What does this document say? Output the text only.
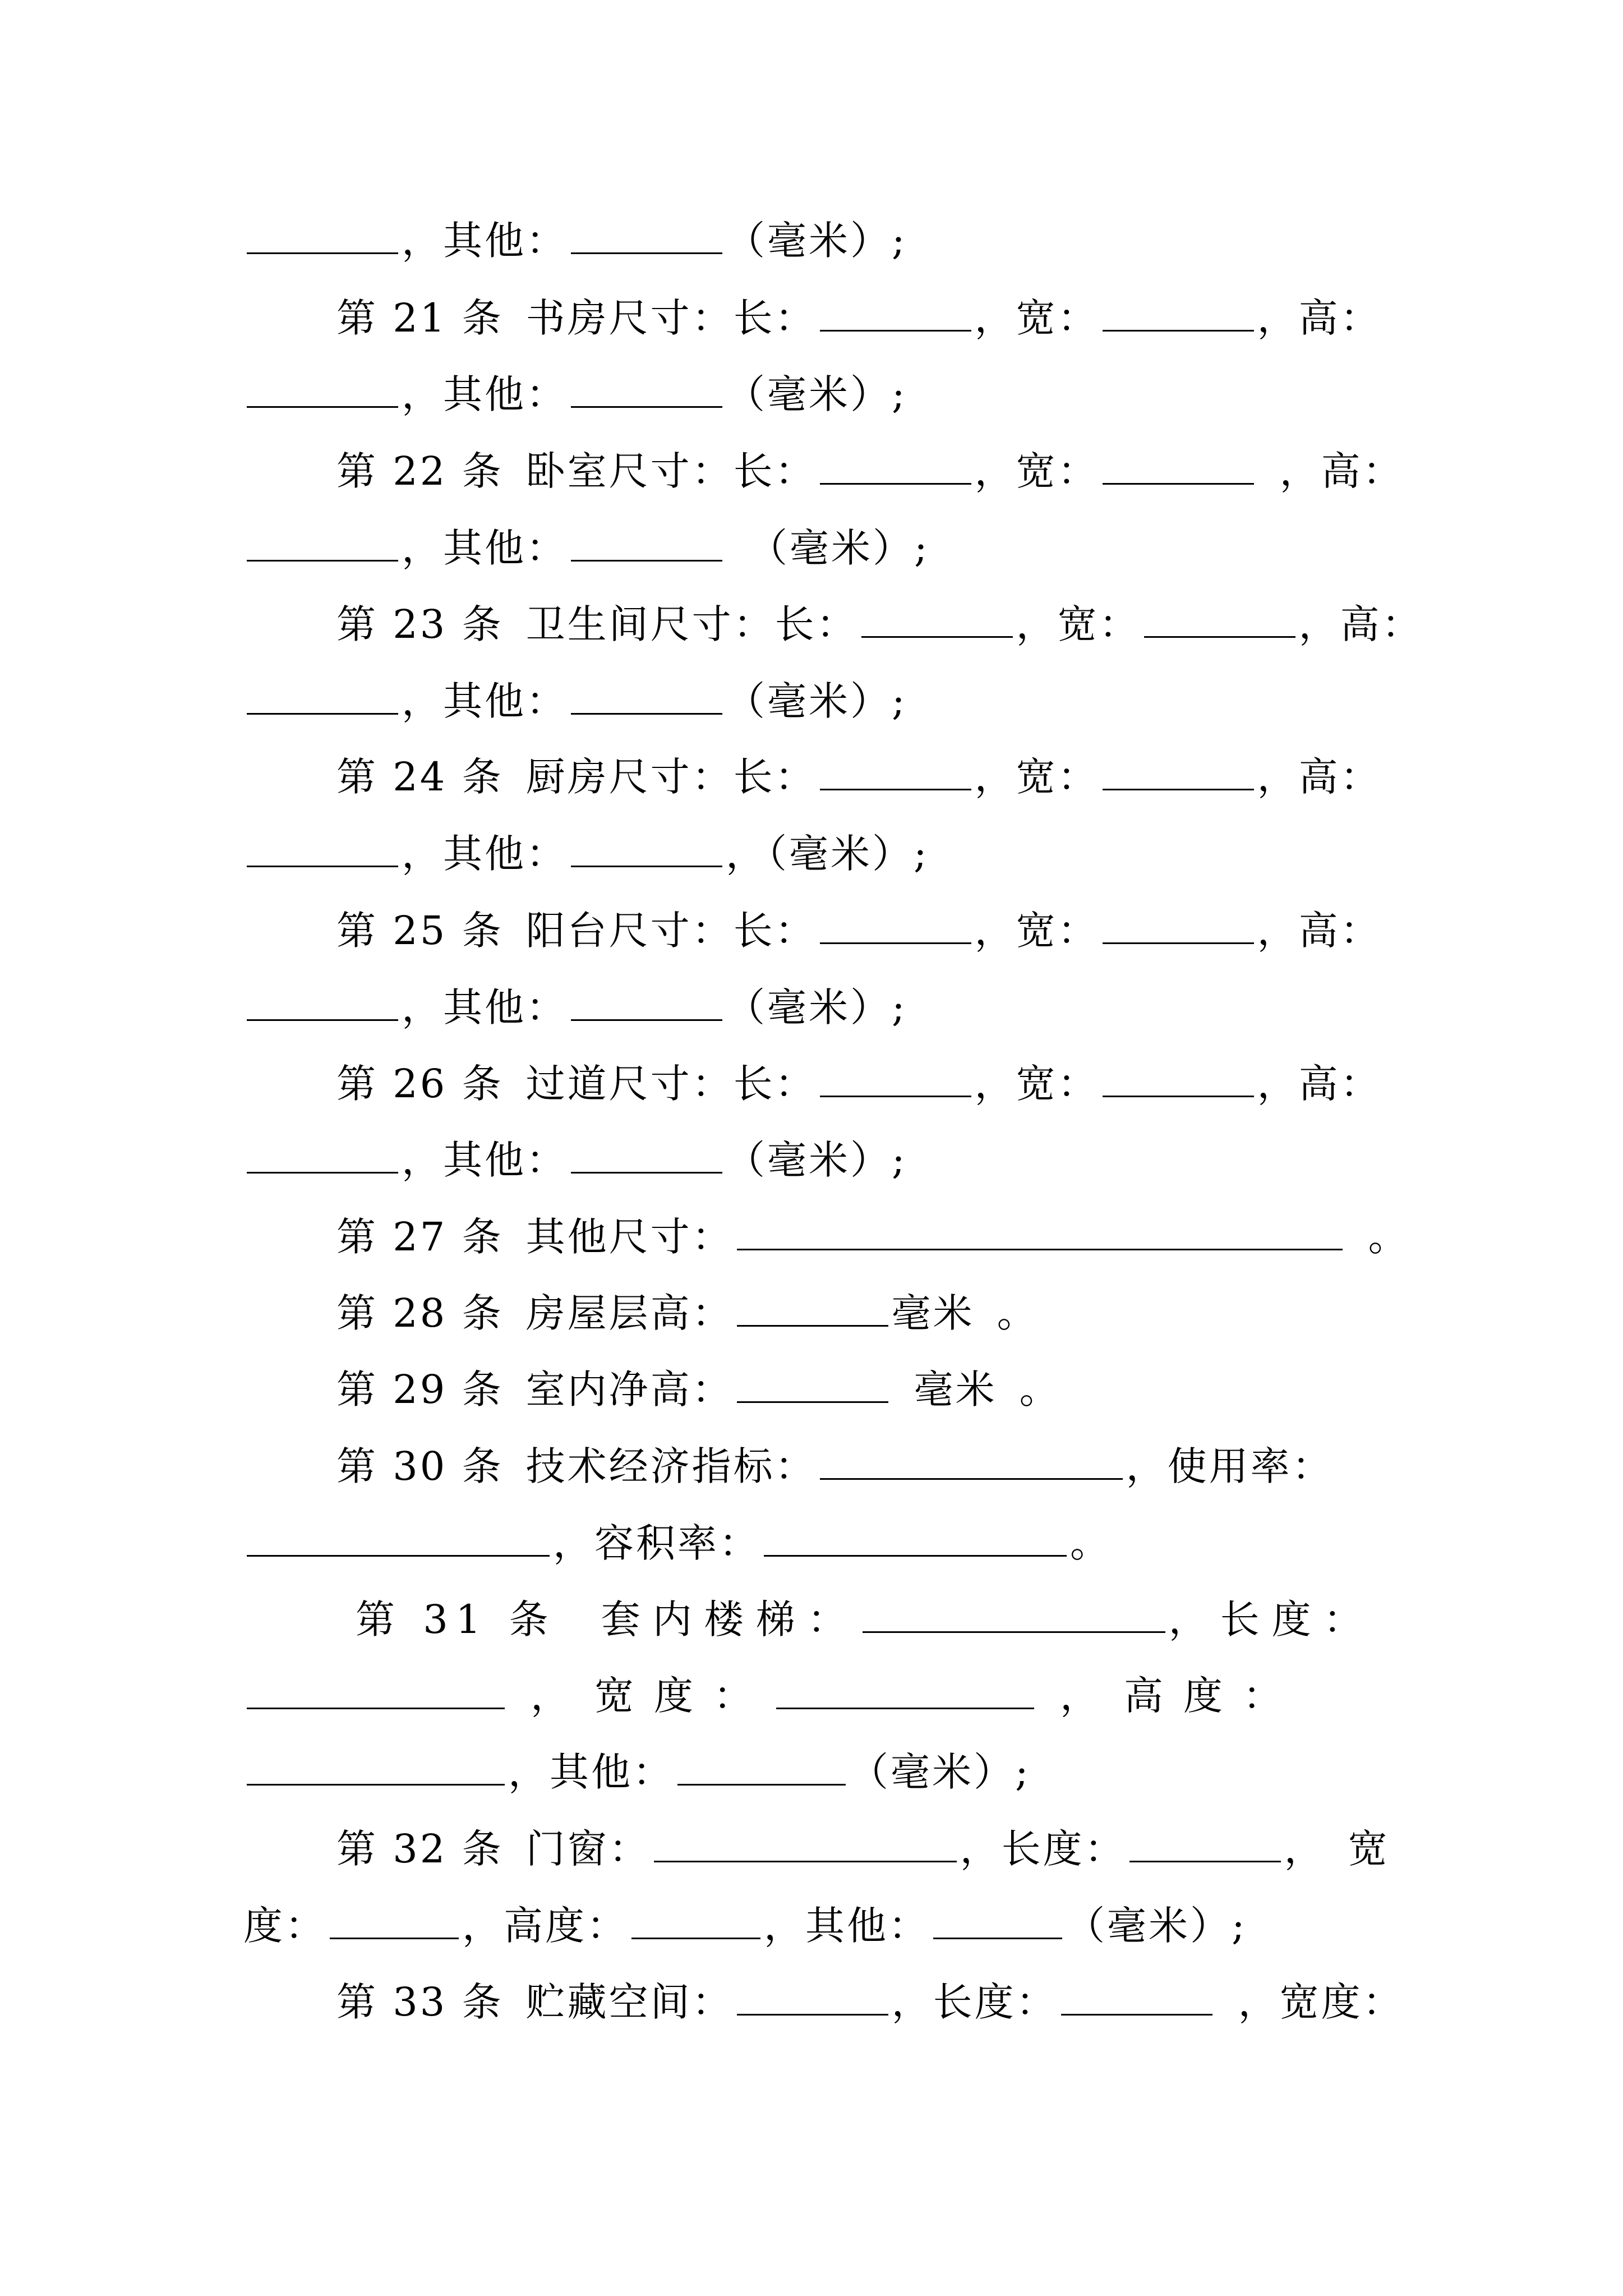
，其他：	（毫米）;
第 21 条 书房尺寸：长：	，宽：	，高：
，其他：	（毫米）;
第 22 条 卧室尺寸：长：	，宽：	，高：
，其他：	（毫米）;
第 23 条 卫生间尺寸：长：	，宽：	，高：
，其他：	（毫米）;
第 24 条 厨房尺寸：长：	，宽：	，高：
，其他：	，（毫米）;
第 25 条 阳台尺寸：长：	，宽：	，高：
，其他：	（毫米）;
第 26 条 过道尺寸：长：	，宽：	，高：
，其他：	（毫米）;
第 27 条 其他尺寸：	。
第 28 条 房屋层高：	毫米 。
第 29 条 室内净高：	毫米 。
第 30 条 技术经济指标：	，使用率：
，容积率：	。
第 31 条 套内楼梯：	，长度：
， 宽度：	， 高度：
，其他：	（毫米）;
第 32 条 门窗：	，长度：	， 宽
度：	，高度：	，其他：	（毫米）;
第 33 条 贮藏空间：	，长度：	，宽度：
